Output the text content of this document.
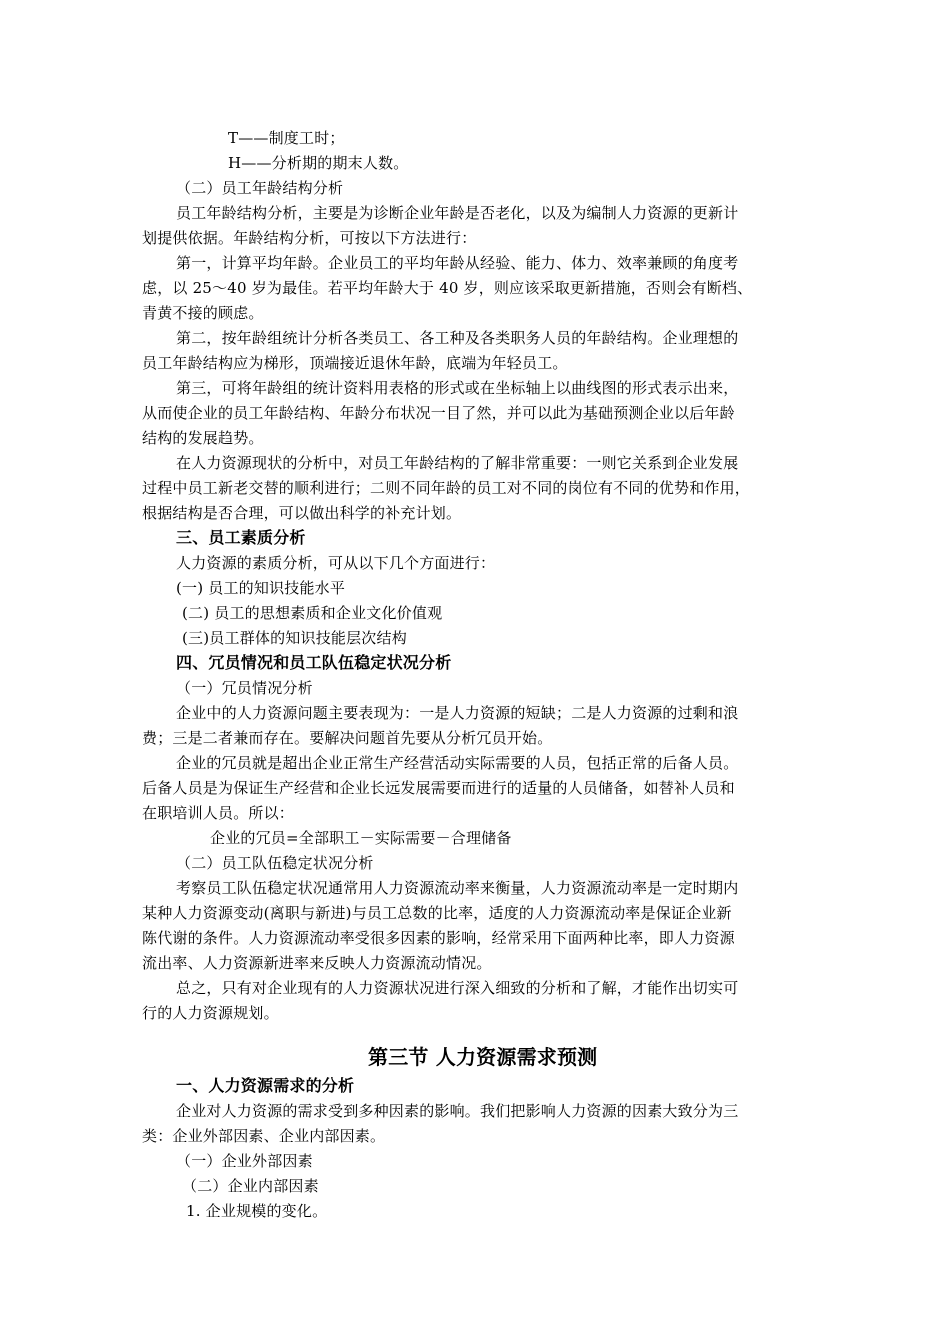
T——制度工时；
H——分析期的期末人数。
（二）员工年龄结构分析
员工年龄结构分析，主要是为诊断企业年龄是否老化，以及为编制人力资源的更新计
划提供依据。年龄结构分析，可按以下方法进行：
第一，计算平均年龄。企业员工的平均年龄从经验、能力、体力、效率兼顾的角度考
虑，以 25～40 岁为最佳。若平均年龄大于 40 岁，则应该采取更新措施，否则会有断档、
青黄不接的顾虑。
第二，按年龄组统计分析各类员工、各工种及各类职务人员的年龄结构。企业理想的
员工年龄结构应为梯形，顶端接近退休年龄，底端为年轻员工。
第三，可将年龄组的统计资料用表格的形式或在坐标轴上以曲线图的形式表示出来，
从而使企业的员工年龄结构、年龄分布状况一目了然，并可以此为基础预测企业以后年龄
结构的发展趋势。
在人力资源现状的分析中，对员工年龄结构的了解非常重要：一则它关系到企业发展
过程中员工新老交替的顺利进行；二则不同年龄的员工对不同的岗位有不同的优势和作用，
根据结构是否合理，可以做出科学的补充计划。
三、员工素质分析
人力资源的素质分析，可从以下几个方面进行：
(一) 员工的知识技能水平
(二) 员工的思想素质和企业文化价值观
(三)员工群体的知识技能层次结构
四、冗员情况和员工队伍稳定状况分析
（一）冗员情况分析
企业中的人力资源问题主要表现为：一是人力资源的短缺；二是人力资源的过剩和浪
费；三是二者兼而存在。要解决问题首先要从分析冗员开始。
企业的冗员就是超出企业正常生产经营活动实际需要的人员，包括正常的后备人员。
后备人员是为保证生产经营和企业长远发展需要而进行的适量的人员储备，如替补人员和
在职培训人员。所以：
企业的冗员=全部职工－实际需要－合理储备
（二）员工队伍稳定状况分析
考察员工队伍稳定状况通常用人力资源流动率来衡量，人力资源流动率是一定时期内
某种人力资源变动(离职与新进)与员工总数的比率，适度的人力资源流动率是保证企业新
陈代谢的条件。人力资源流动率受很多因素的影响，经常采用下面两种比率，即人力资源
流出率、人力资源新进率来反映人力资源流动情况。
总之，只有对企业现有的人力资源状况进行深入细致的分析和了解，才能作出切实可
行的人力资源规划。
第三节 人力资源需求预测
一、人力资源需求的分析
企业对人力资源的需求受到多种因素的影响。我们把影响人力资源的因素大致分为三
类：企业外部因素、企业内部因素。
（一）企业外部因素
（二）企业内部因素
1. 企业规模的变化。
